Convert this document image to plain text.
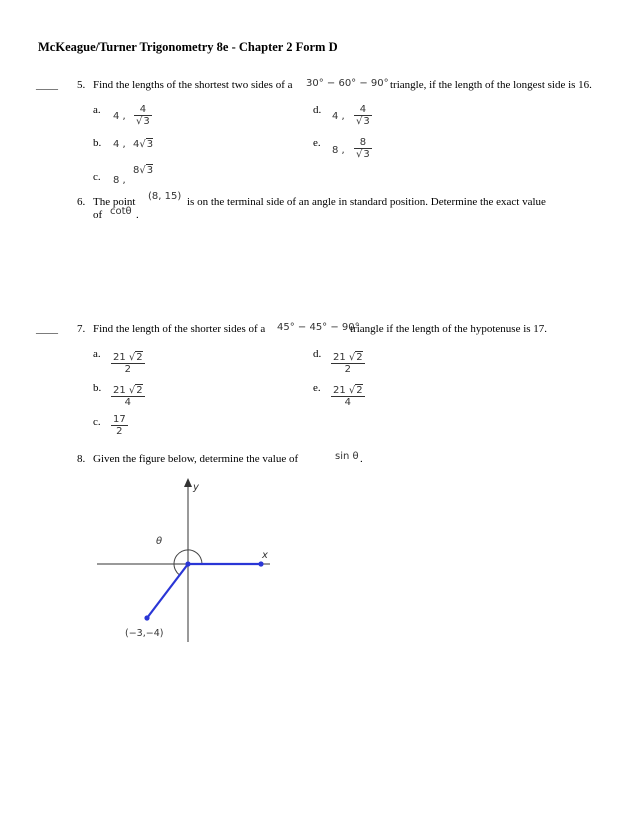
McKeague/Turner Trigonometry 8e - Chapter 2 Form D
____ 5. Find the lengths of the shortest two sides of a 30° − 60° − 90° triangle, if the length of the longest side is 16.
a.
4 , $\frac{4}{√3}$
b. 4 , 4√3
c. 8 ,
8√3
d.
4 , $\frac{4}{√3}$
e.
8 , $\frac{8}{√3}$
6. The point (8, 15) is on the terminal side of an angle in standard position. Determine the exact value
of cotθ .
____ 7. Find the length of the shorter sides of a 45° − 45° − 90°
triangle if the length of the hypotenuse is 17.
a. $\frac{21 √2}{2}$
b. $\frac{21 √2}{4}$
c. $\frac{17}{2}$
d. $\frac{21 √2}{2}$
e. $\frac{21 √2}{4}$
8. Given the figure below, determine the value of	sin θ .
θ
x
y
(−3,−4)
